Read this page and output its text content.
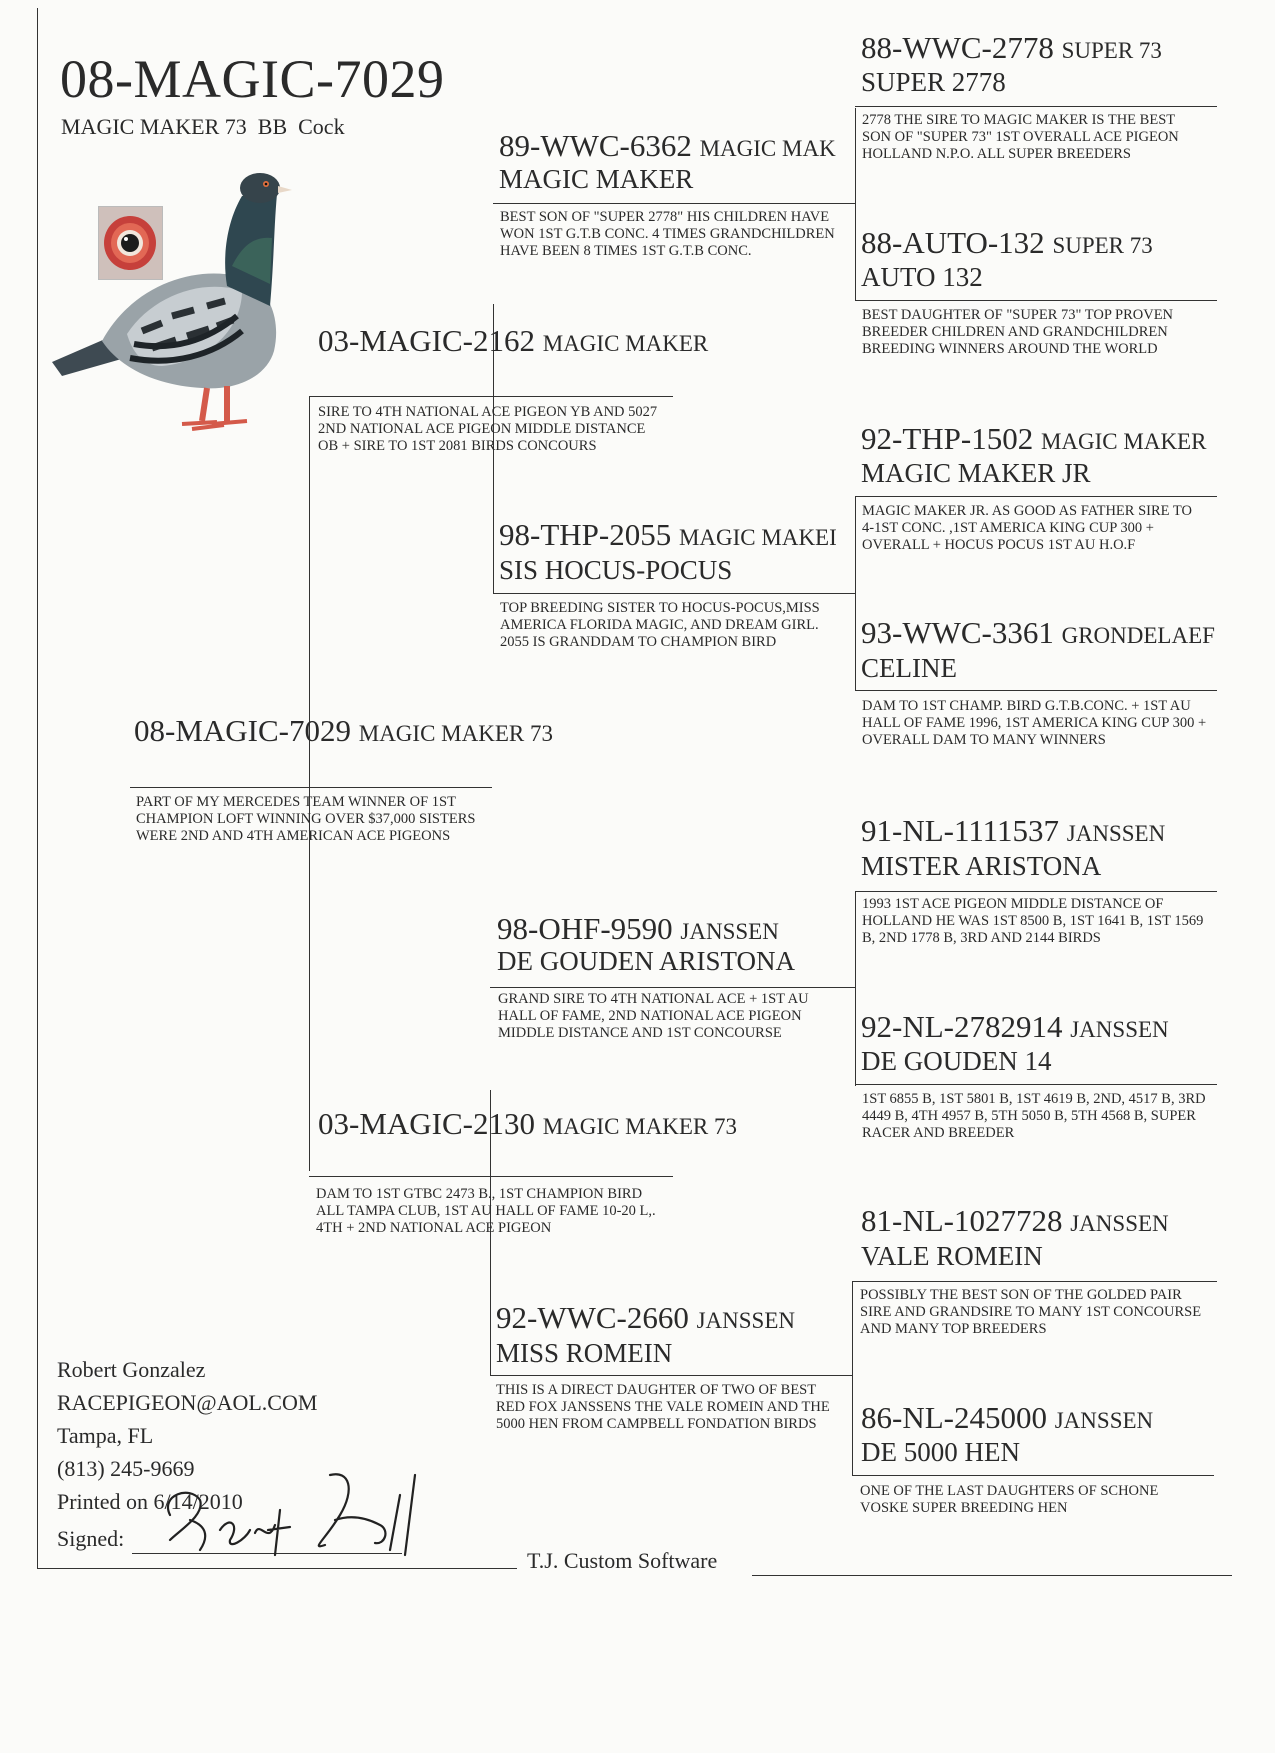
08-MAGIC-7029
MAGIC MAKER 73  BB  Cock
08-MAGIC-7029 MAGIC MAKER 73
PART OF MY MERCEDES TEAM WINNER OF 1ST CHAMPION LOFT WINNING OVER $37,000 SISTERS WERE 2ND AND 4TH AMERICAN ACE PIGEONS
03-MAGIC-2162 MAGIC MAKER
SIRE TO 4TH NATIONAL ACE PIGEON YB AND 5027 2ND NATIONAL ACE PIGEON MIDDLE DISTANCE OB + SIRE TO 1ST 2081 BIRDS CONCOURS
03-MAGIC-2130 MAGIC MAKER 73
DAM TO 1ST GTBC 2473 B., 1ST CHAMPION BIRD ALL TAMPA CLUB, 1ST AU HALL OF FAME 10-20 L,. 4TH + 2ND NATIONAL ACE PIGEON
89-WWC-6362 MAGIC MAK
MAGIC MAKER
BEST SON OF "SUPER 2778" HIS CHILDREN HAVE WON 1ST G.T.B CONC. 4 TIMES GRANDCHILDREN HAVE BEEN 8 TIMES 1ST G.T.B CONC.
98-THP-2055 MAGIC MAKEI
SIS HOCUS-POCUS
TOP BREEDING SISTER TO HOCUS-POCUS,MISS AMERICA FLORIDA MAGIC, AND DREAM GIRL. 2055 IS GRANDDAM TO CHAMPION BIRD
98-OHF-9590 JANSSEN
DE GOUDEN ARISTONA
GRAND SIRE TO 4TH NATIONAL ACE + 1ST AU HALL OF FAME, 2ND NATIONAL ACE PIGEON MIDDLE DISTANCE AND 1ST CONCOURSE
92-WWC-2660 JANSSEN
MISS ROMEIN
THIS IS A DIRECT DAUGHTER OF TWO OF BEST RED FOX JANSSENS THE VALE ROMEIN AND THE 5000 HEN FROM CAMPBELL FONDATION BIRDS
88-WWC-2778 SUPER 73
SUPER 2778
2778 THE SIRE TO MAGIC MAKER IS THE BEST SON OF "SUPER 73" 1ST OVERALL ACE PIGEON HOLLAND N.P.O. ALL SUPER BREEDERS
88-AUTO-132 SUPER 73
AUTO 132
BEST DAUGHTER OF "SUPER 73" TOP PROVEN BREEDER CHILDREN AND GRANDCHILDREN BREEDING WINNERS AROUND THE WORLD
92-THP-1502 MAGIC MAKER
MAGIC MAKER JR
MAGIC MAKER JR. AS GOOD AS FATHER SIRE TO 4-1ST CONC. ,1ST AMERICA KING CUP 300 + OVERALL + HOCUS POCUS 1ST AU H.O.F
93-WWC-3361 GRONDELAEF
CELINE
DAM TO 1ST CHAMP. BIRD G.T.B.CONC. + 1ST AU HALL OF FAME 1996, 1ST AMERICA KING CUP 300 + OVERALL DAM TO MANY WINNERS
91-NL-1111537 JANSSEN
MISTER ARISTONA
1993 1ST ACE PIGEON MIDDLE DISTANCE OF HOLLAND HE WAS 1ST 8500 B, 1ST 1641 B, 1ST 1569 B, 2ND 1778 B, 3RD AND 2144 BIRDS
92-NL-2782914 JANSSEN
DE GOUDEN 14
1ST 6855 B, 1ST 5801 B, 1ST 4619 B, 2ND, 4517 B, 3RD 4449 B, 4TH 4957 B, 5TH 5050 B, 5TH 4568 B, SUPER RACER AND BREEDER
81-NL-1027728 JANSSEN
VALE ROMEIN
POSSIBLY THE BEST SON OF THE GOLDED PAIR SIRE AND GRANDSIRE TO MANY 1ST CONCOURSE AND MANY TOP BREEDERS
86-NL-245000 JANSSEN
DE 5000 HEN
ONE OF THE LAST DAUGHTERS OF SCHONE VOSKE SUPER BREEDING HEN
Robert Gonzalez
RACEPIGEON@AOL.COM
Tampa, FL
(813) 245-9669
Printed on 6/14/2010
Signed:
T.J. Custom Software
